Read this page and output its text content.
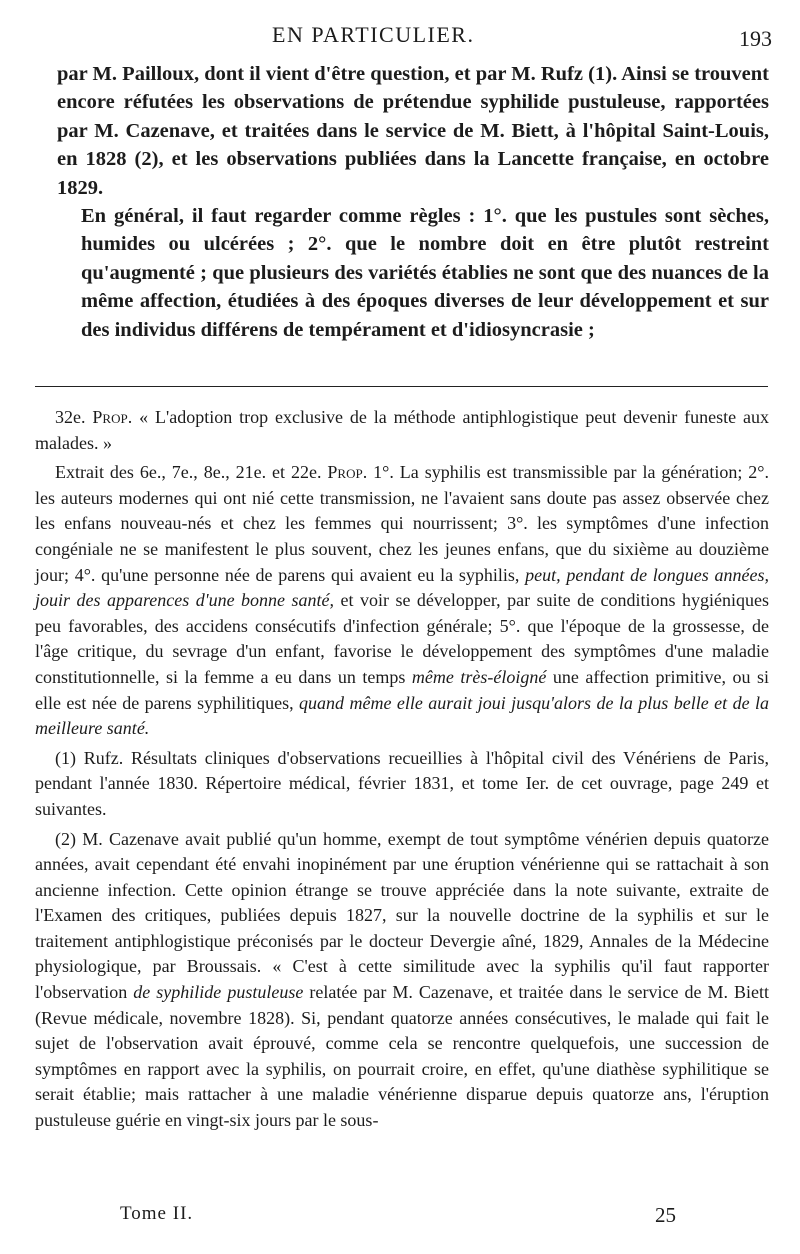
EN PARTICULIER.	193

par M. Pailloux, dont il vient d'être question, et par M. Rufz (1). Ainsi se trouvent encore réfutées les observations de prétendue syphilide pustuleuse, rapportées par M. Cazenave, et traitées dans le service de M. Biett, à l'hôpital Saint-Louis, en 1828 (2), et les observations publiées dans la Lancette française, en octobre 1829.

En général, il faut regarder comme règles : 1°. que les pustules sont sèches, humides ou ulcérées ; 2°. que le nombre doit en être plutôt restreint qu'augmenté ; que plusieurs des variétés établies ne sont que des nuances de la même affection, étudiées à des époques diverses de leur développement et sur des individus différens de tempérament et d'idiosyncrasie ;

32e. Prop. « L'adoption trop exclusive de la méthode antiphlogistique peut devenir funeste aux malades. »

Extrait des 6e., 7e., 8e., 21e. et 22e. Prop. 1°. La syphilis est transmissible par la génération; 2°. les auteurs modernes qui ont nié cette transmission, ne l'avaient sans doute pas assez observée chez les enfans nouveau-nés et chez les femmes qui nourrissent; 3°. les symptômes d'une infection congéniale ne se manifestent le plus souvent, chez les jeunes enfans, que du sixième au douzième jour; 4°. qu'une personne née de parens qui avaient eu la syphilis, peut, pendant de longues années, jouir des apparences d'une bonne santé, et voir se développer, par suite de conditions hygiéniques peu favorables, des accidens consécutifs d'infection générale; 5°. que l'époque de la grossesse, de l'âge critique, du sevrage d'un enfant, favorise le développement des symptômes d'une maladie constitutionnelle, si la femme a eu dans un temps même très-éloigné une affection primitive, ou si elle est née de parens syphilitiques, quand même elle aurait joui jusqu'alors de la plus belle et de la meilleure santé.

(1) Rufz. Résultats cliniques d'observations recueillies à l'hôpital civil des Vénériens de Paris, pendant l'année 1830. Répertoire médical, février 1831, et tome Ier. de cet ouvrage, page 249 et suivantes.

(2) M. Cazenave avait publié qu'un homme, exempt de tout symptôme vénérien depuis quatorze années, avait cependant été envahi inopinément par une éruption vénérienne qui se rattachait à son ancienne infection. Cette opinion étrange se trouve appréciée dans la note suivante, extraite de l'Examen des critiques, publiées depuis 1827, sur la nouvelle doctrine de la syphilis et sur le traitement antiphlogistique préconisés par le docteur Devergie aîné, 1829, Annales de la Médecine physiologique, par Broussais. « C'est à cette similitude avec la syphilis qu'il faut rapporter l'observation de syphilide pustuleuse relatée par M. Cazenave, et traitée dans le service de M. Biett (Revue médicale, novembre 1828). Si, pendant quatorze années consécutives, le malade qui fait le sujet de l'observation avait éprouvé, comme cela se rencontre quelquefois, une succession de symptômes en rapport avec la syphilis, on pourrait croire, en effet, qu'une diathèse syphilitique se serait établie; mais rattacher à une maladie vénérienne disparue depuis quatorze ans, l'éruption pustuleuse guérie en vingt-six jours par le sous-

Tome II.	25
